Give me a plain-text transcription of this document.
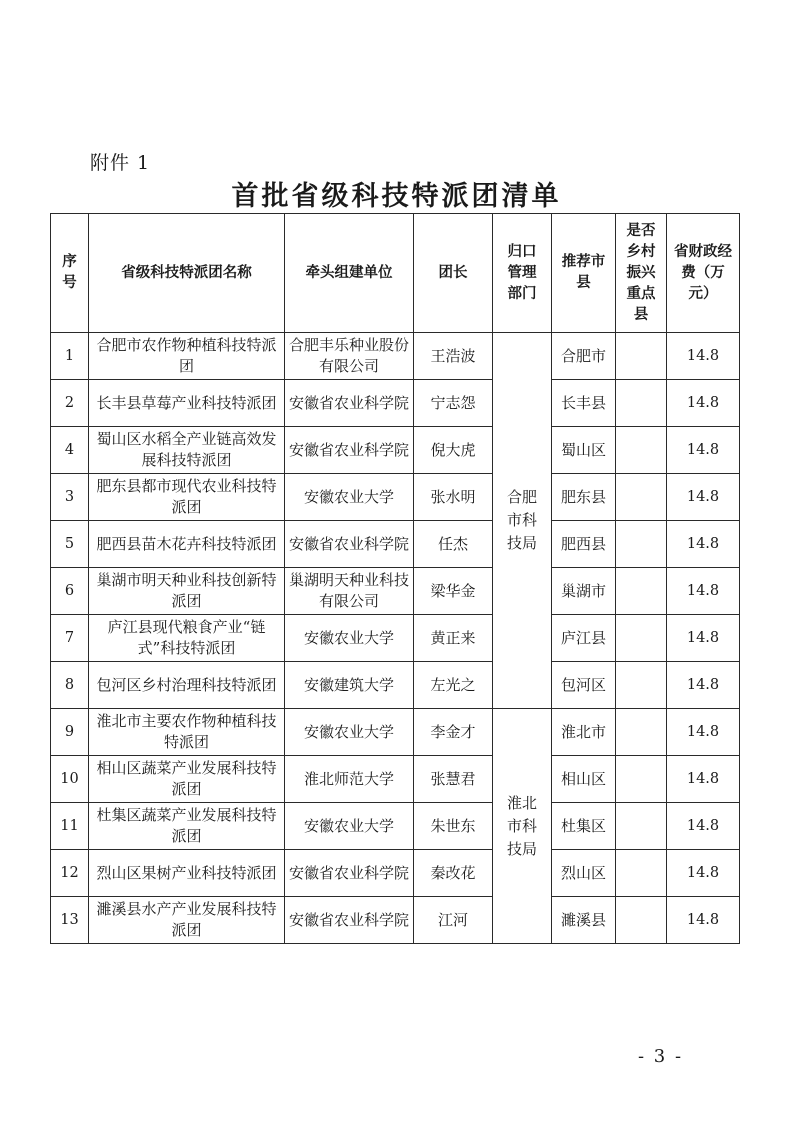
附件 1
首批省级科技特派团清单
序号	省级科技特派团名称	牵头组建单位	团长	归口管理部门	推荐市县	是否乡村振兴重点县	省财政经费（万元）

1	合肥市农作物种植科技特派团	合肥丰乐种业股份有限公司	王浩波	合肥市科技局	合肥市		14.8
2	长丰县草莓产业科技特派团	安徽省农业科学院	宁志怨		长丰县		14.8
4	蜀山区水稻全产业链高效发展科技特派团	安徽省农业科学院	倪大虎		蜀山区		14.8
3	肥东县都市现代农业科技特派团	安徽农业大学	张水明		肥东县		14.8
5	肥西县苗木花卉科技特派团	安徽省农业科学院	任杰		肥西县		14.8
6	巢湖市明天种业科技创新特派团	巢湖明天种业科技有限公司	梁华金		巢湖市		14.8
7	庐江县现代粮食产业“链式”科技特派团	安徽农业大学	黄正来		庐江县		14.8
8	包河区乡村治理科技特派团	安徽建筑大学	左光之		包河区		14.8
9	淮北市主要农作物种植科技特派团	安徽农业大学	李金才	淮北市科技局	淮北市		14.8
10	相山区蔬菜产业发展科技特派团	淮北师范大学	张慧君		相山区		14.8
11	杜集区蔬菜产业发展科技特派团	安徽农业大学	朱世东		杜集区		14.8
12	烈山区果树产业科技特派团	安徽省农业科学院	秦改花		烈山区		14.8
13	濉溪县水产产业发展科技特派团	安徽省农业科学院	江河		濉溪县		14.8
- 3 -
